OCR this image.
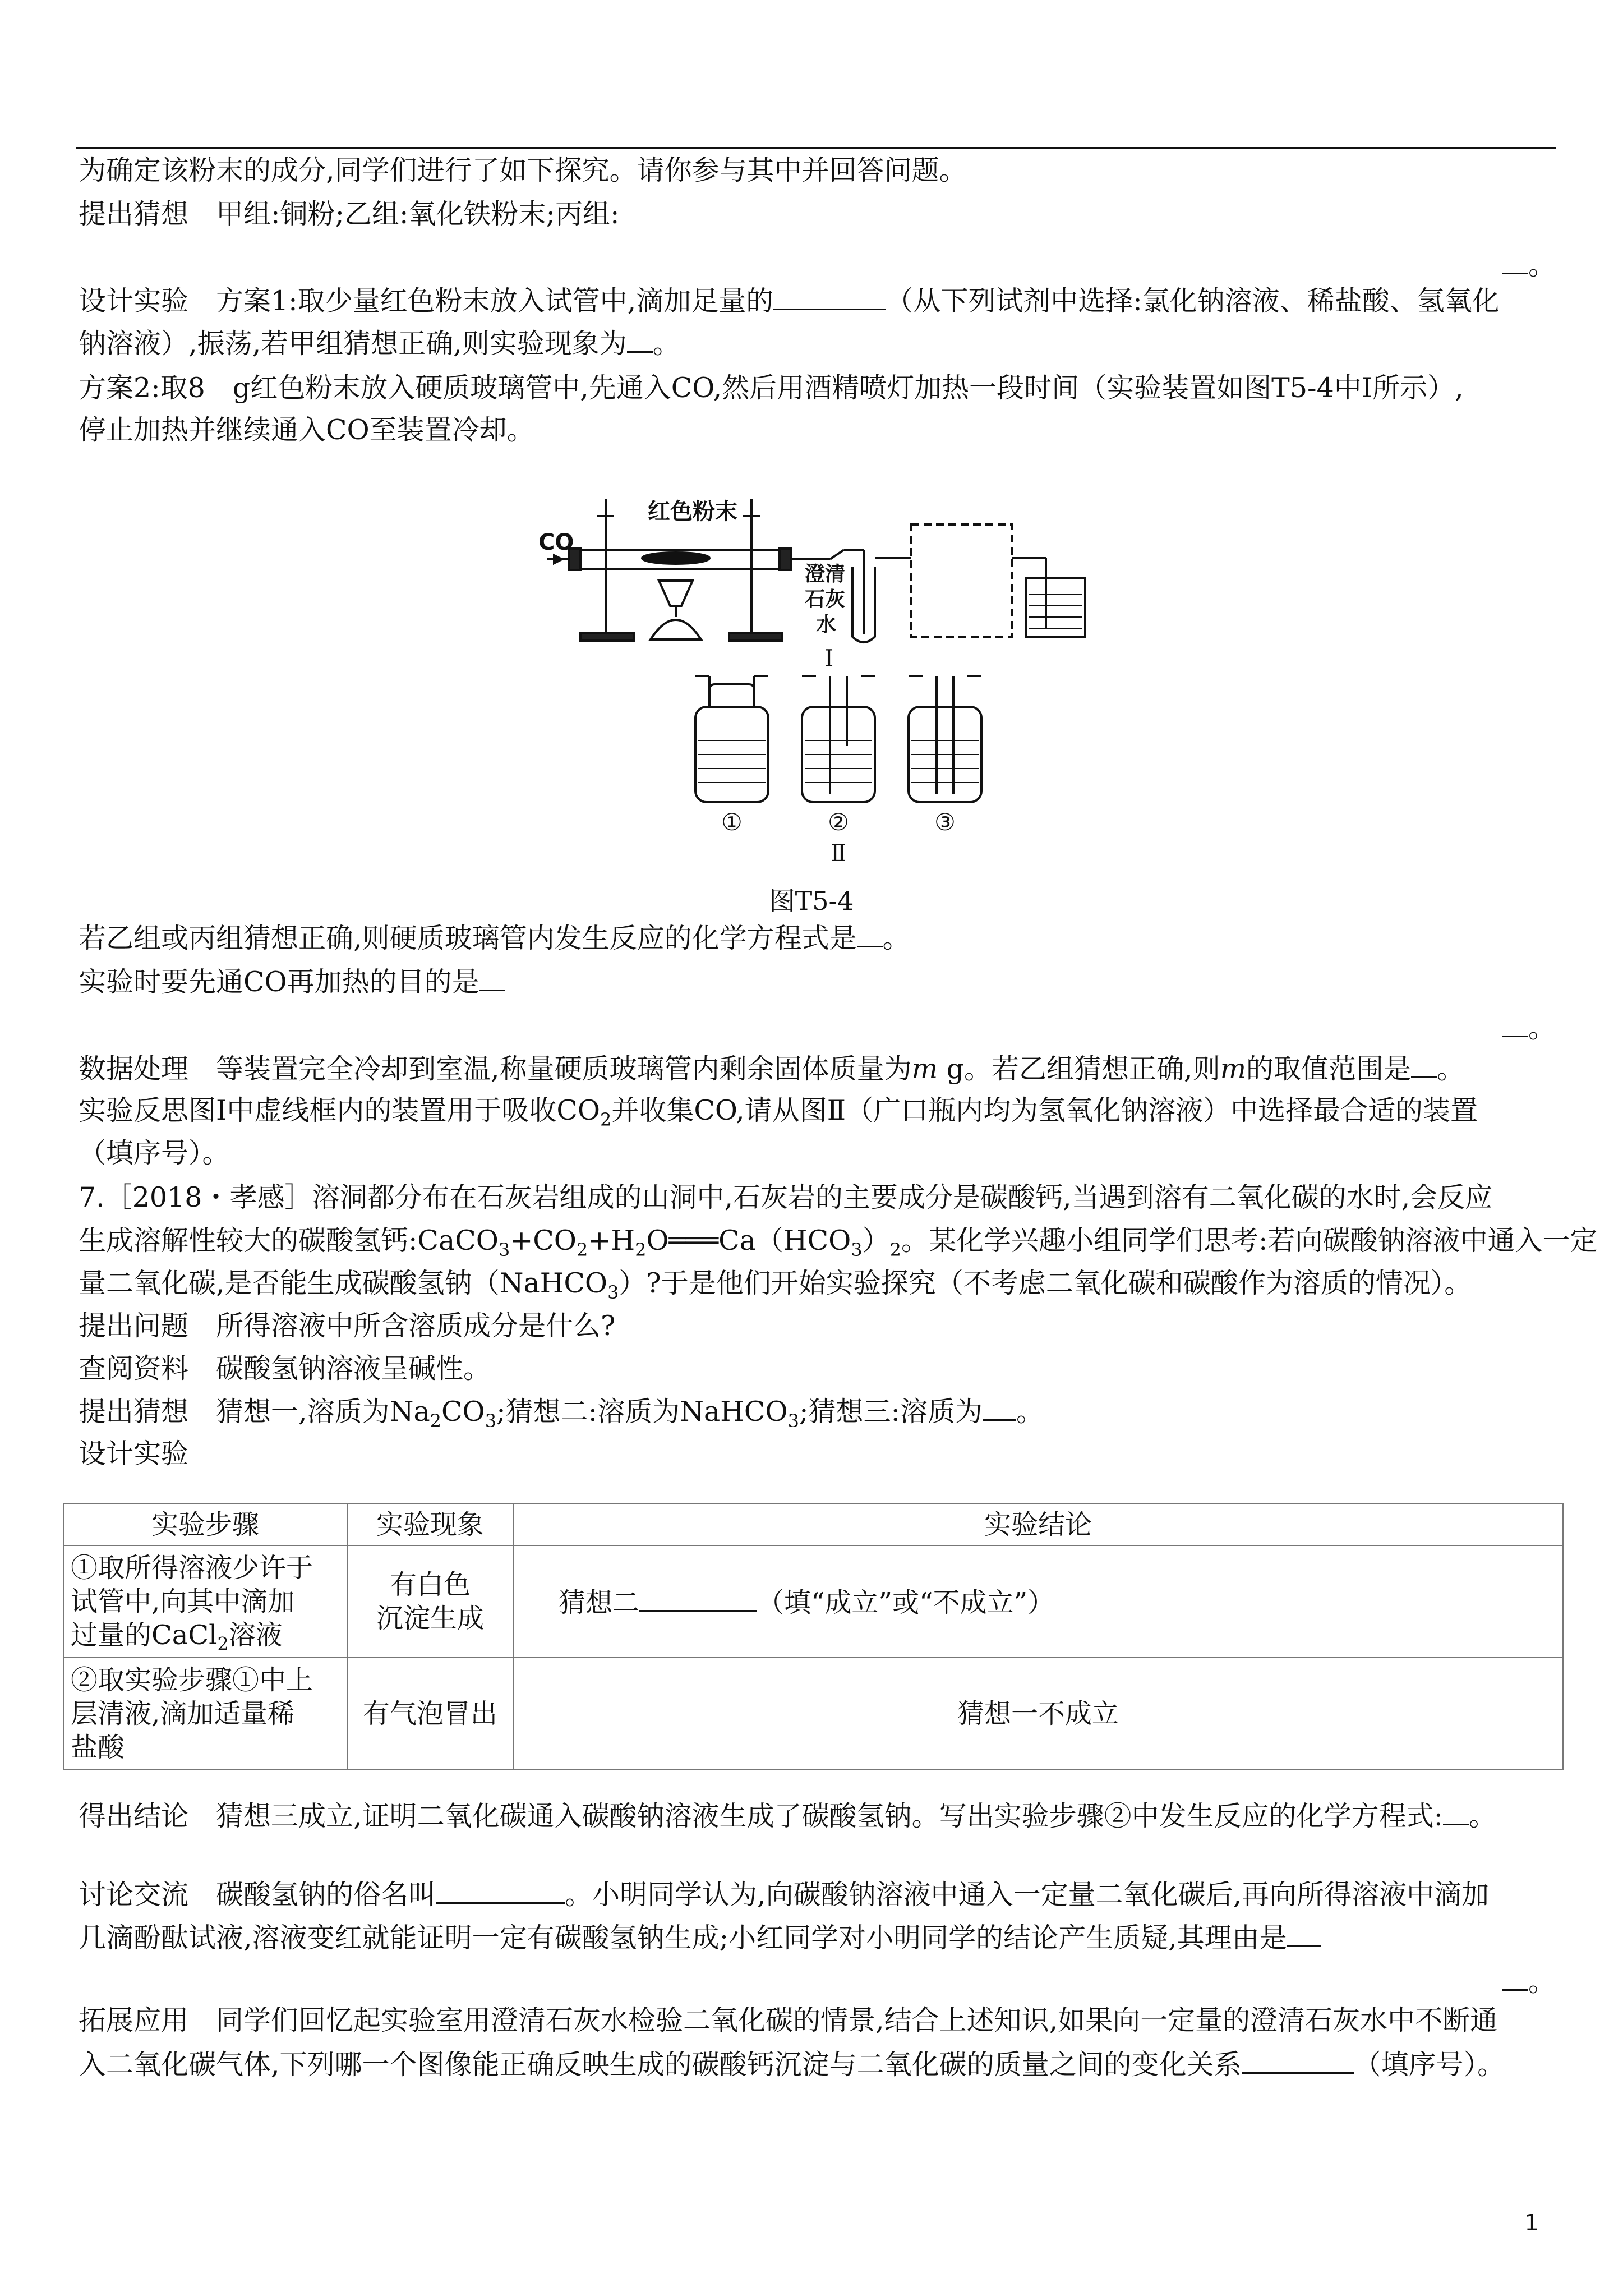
为确定该粉末的成分,同学们进行了如下探究。请你参与其中并回答问题。
提出猜想　甲组:铜粉;乙组:氧化铁粉末;丙组:
。
设计实验　方案1:取少量红色粉末放入试管中,滴加足量的	（从下列试剂中选择:氯化钠溶液、稀盐酸、氢氧化
钠溶液）,振荡,若甲组猜想正确,则实验现象为 。
方案2:取8　g红色粉末放入硬质玻璃管中,先通入CO,然后用酒精喷灯加热一段时间（实验装置如图T5-4中Ⅰ所示）,
停止加热并继续通入CO至装置冷却。
CO
红色粉末
澄清
石灰
水
Ⅰ
①	②	③
Ⅱ
图T5-4
若乙组或丙组猜想正确,则硬质玻璃管内发生反应的化学方程式是 。
实验时要先通CO再加热的目的是
。
数据处理　等装置完全冷却到室温,称量硬质玻璃管内剩余固体质量为m g。若乙组猜想正确,则m的取值范围是 。
实验反思图Ⅰ中虚线框内的装置用于吸收$CO_2$并收集CO,请从图Ⅱ（广口瓶内均为氢氧化钠溶液）中选择最合适的装置
（填序号）。
7.［2018・孝感］溶洞都分布在石灰岩组成的山洞中,石灰岩的主要成分是碳酸钙,当遇到溶有二氧化碳的水时,会反应
生成溶解性较大的碳酸氢钙$:CaCO_3+CO_2+H_2O═══Ca(HCO_3)_2$。某化学兴趣小组同学们思考:若向碳酸钠溶液中通入一定
量二氧化碳,是否能生成碳酸氢钠（NaHCO$_3$）?于是他们开始实验探究（不考虑二氧化碳和碳酸作为溶质的情况）。
提出问题　所得溶液中所含溶质成分是什么?
查阅资料　碳酸氢钠溶液呈碱性。
提出猜想　猜想一,溶质为$Na_2CO_3$;猜想二:溶质为NaHCO$_3$;猜想三:溶质为 。
设计实验
实验步骤	实验现象	实验结论
①取所得溶液少许于
试管中,向其中滴加
过量的CaCl$_2$溶液	有白色
沉淀生成	猜想二 （填“成立”或“不成立”）
②取实验步骤①中上
层清液,滴加适量稀
盐酸	有气泡冒出	猜想一不成立
得出结论　猜想三成立,证明二氧化碳通入碳酸钠溶液生成了碳酸氢钠。写出实验步骤②中发生反应的化学方程式: 。
讨论交流　碳酸氢钠的俗名叫	。小明同学认为,向碳酸钠溶液中通入一定量二氧化碳后,再向所得溶液中滴加
几滴酚酞试液,溶液变红就能证明一定有碳酸氢钠生成;小红同学对小明同学的结论产生质疑,其理由是
。
拓展应用　同学们回忆起实验室用澄清石灰水检验二氧化碳的情景,结合上述知识,如果向一定量的澄清石灰水中不断通
入二氧化碳气体,下列哪一个图像能正确反映生成的碳酸钙沉淀与二氧化碳的质量之间的变化关系	（填序号）。
1
